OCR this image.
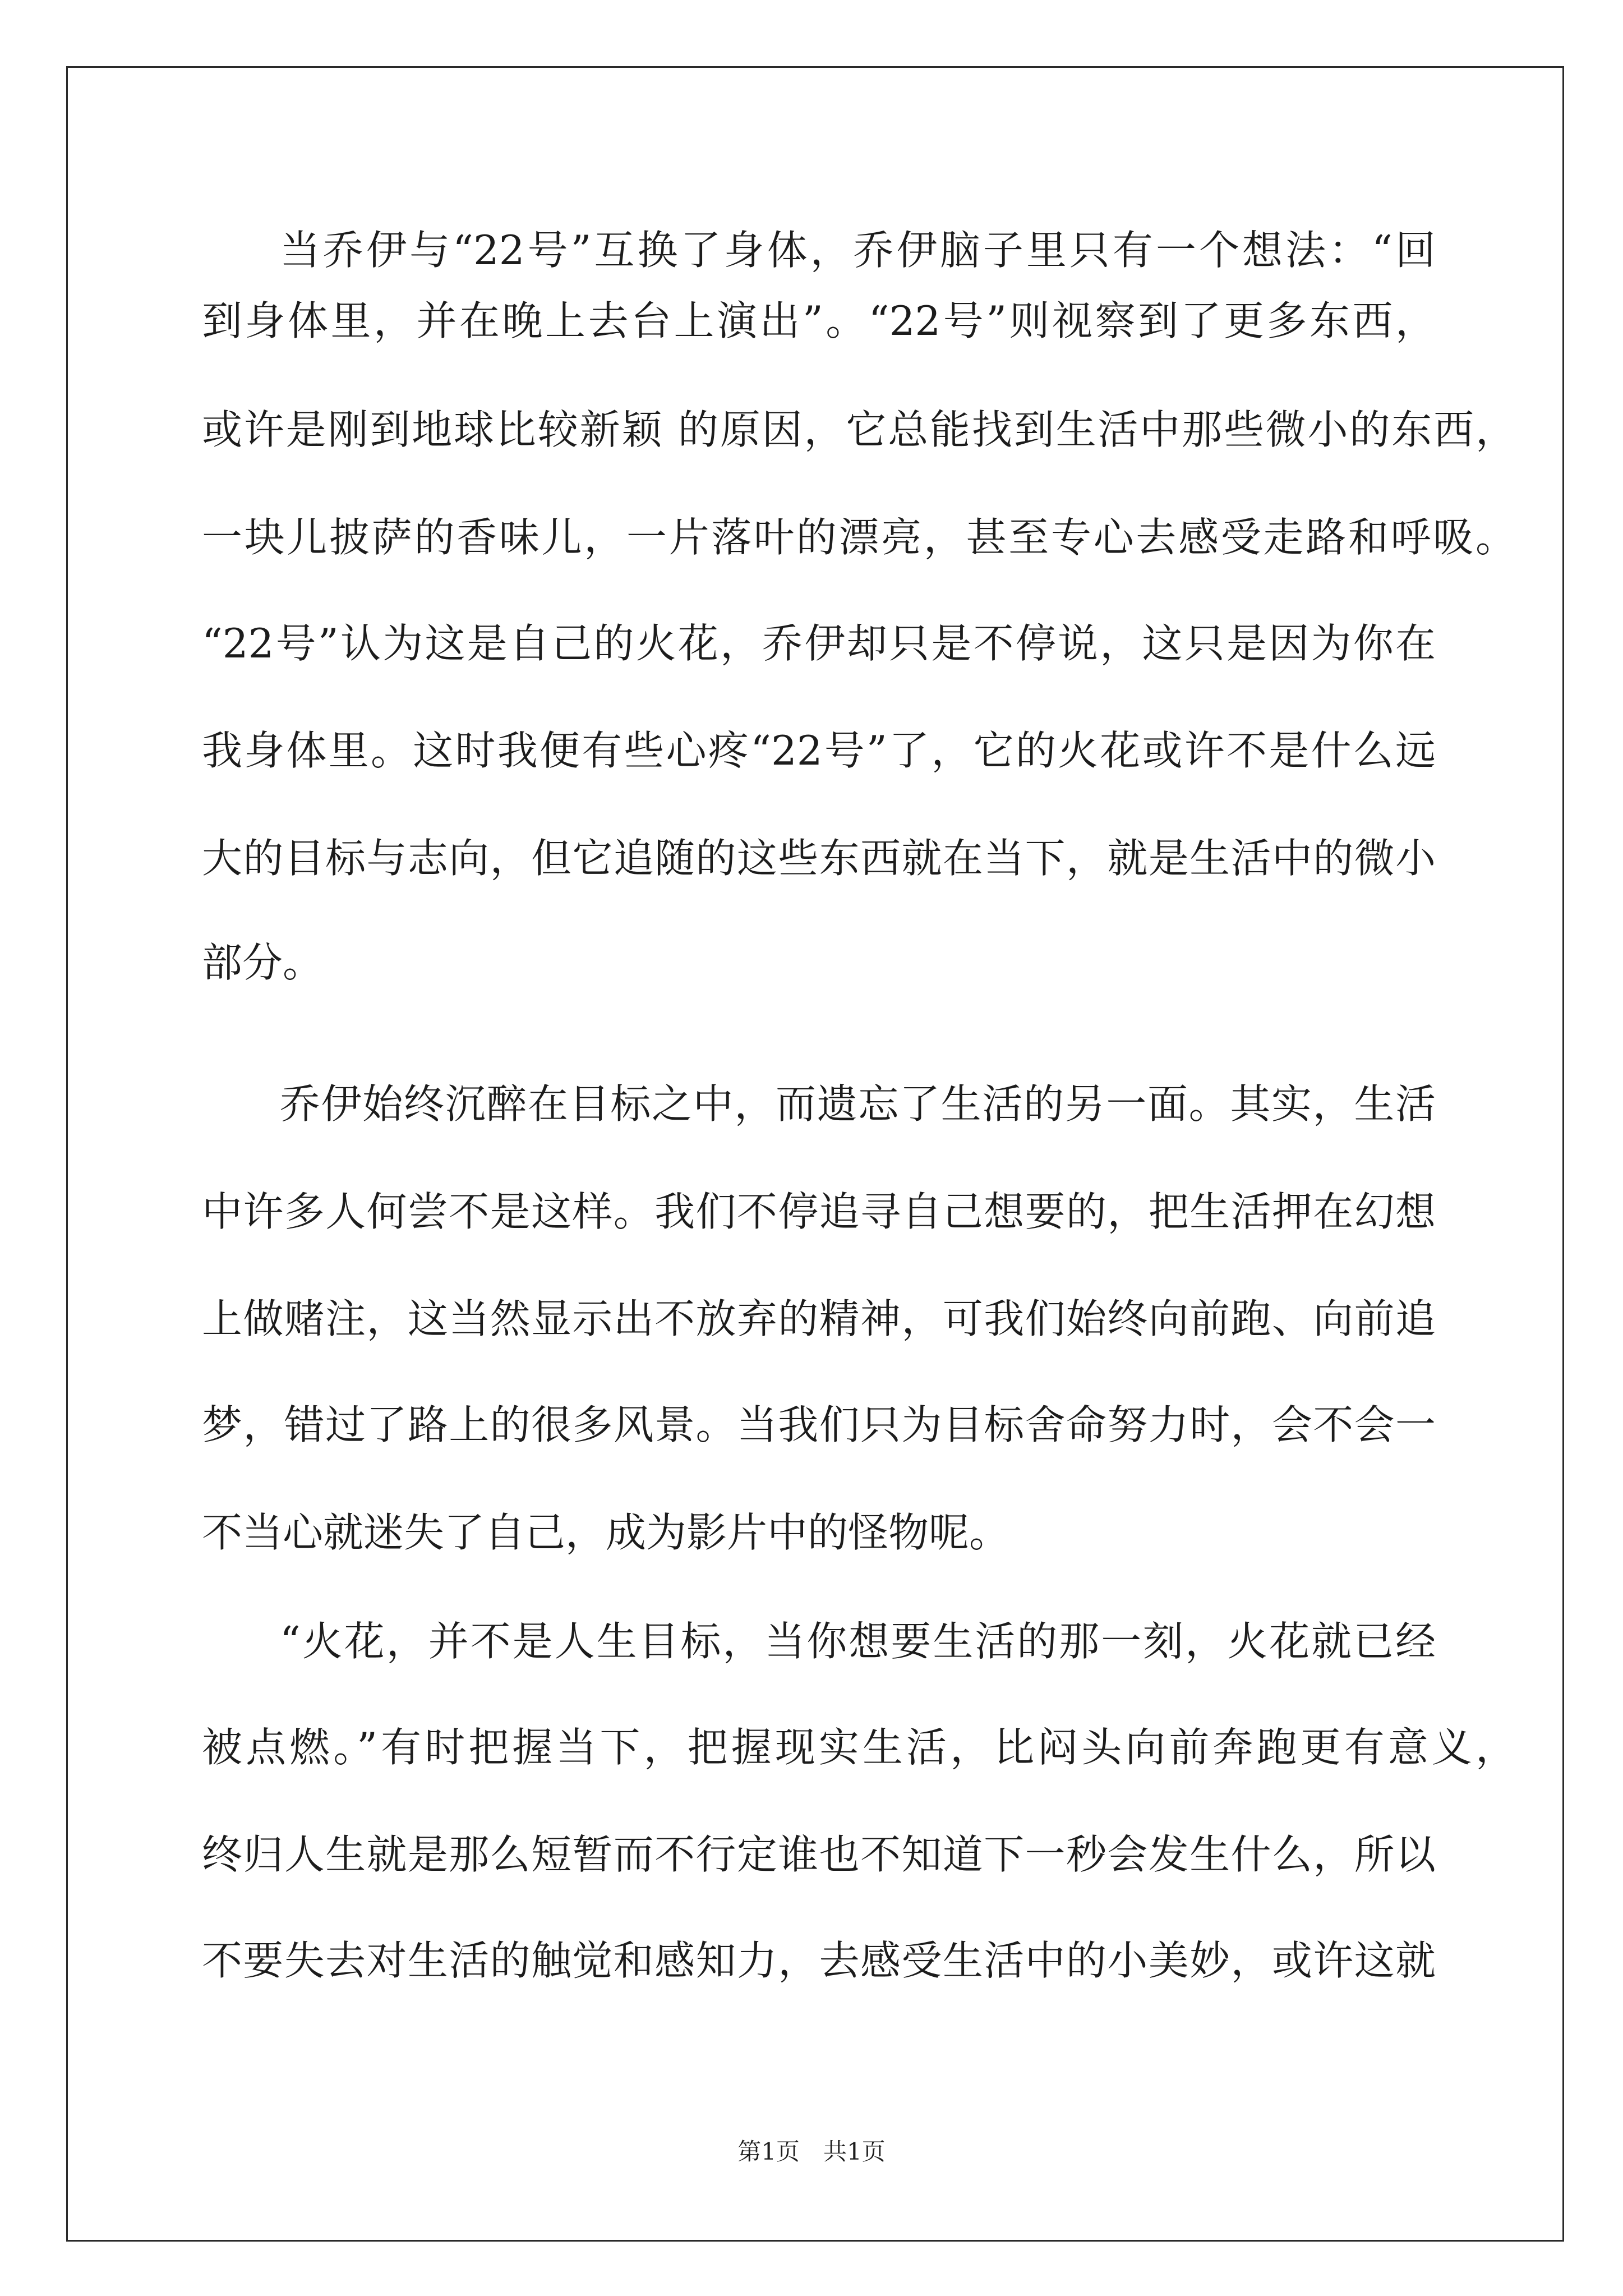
当乔伊与“22号”互换了身体，乔伊脑子里只有一个想法：“回
到身体里，并在晚上去台上演出”。“22号”则视察到了更多东西，
或许是刚到地球比较新颖 的原因，它总能找到生活中那些微小的东西，
一块儿披萨的香味儿，一片落叶的漂亮，甚至专心去感受走路和呼吸。
“22号”认为这是自己的火花，乔伊却只是不停说，这只是因为你在
我身体里。这时我便有些心疼“22号”了，它的火花或许不是什么远
大的目标与志向，但它追随的这些东西就在当下，就是生活中的微小
部分。
乔伊始终沉醉在目标之中，而遗忘了生活的另一面。其实，生活
中许多人何尝不是这样。我们不停追寻自己想要的，把生活押在幻想
上做赌注，这当然显示出不放弃的精神，可我们始终向前跑、向前追
梦，错过了路上的很多风景。当我们只为目标舍命努力时，会不会一
不当心就迷失了自己，成为影片中的怪物呢。
“火花，并不是人生目标，当你想要生活的那一刻，火花就已经
被点燃。”有时把握当下，把握现实生活，比闷头向前奔跑更有意义，
终归人生就是那么短暂而不行定谁也不知道下一秒会发生什么，所以
不要失去对生活的触觉和感知力，去感受生活中的小美妙，或许这就
第1页　共1页
